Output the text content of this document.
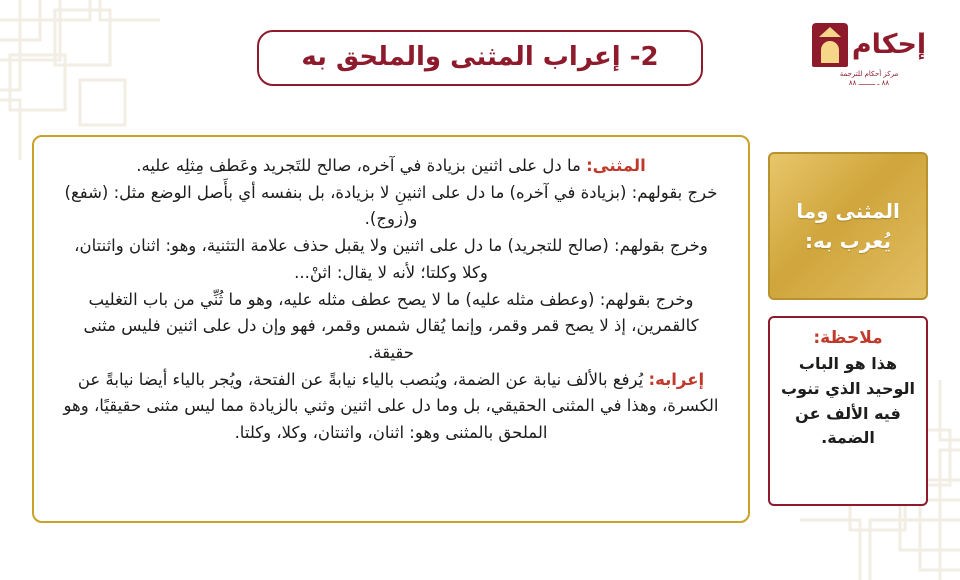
إحكام
مركز أحكام للترجمة
٨٨ ـ ــــــــ ٨٨
2- إعراب المثنى والملحق به

المثنى: ما دل على اثنين بزيادة في آخره، صالح للتَجريد وعَطف مِثلِه عليه.

خرج بقولهم: (بزيادة في آخره) ما دل على اثنينِ لا بزيادة، بل بنفسه أي بأَصل الوضع مثل: (شفع) و(زوج).

وخرج بقولهم: (صالح للتجريد) ما دل على اثنين ولا يقبل حذف علامة التثنية، وهو: اثنان واثنتان، وكلا وكلتا؛ لأنه لا يقال: اثنْ...

وخرج بقولهم: (وعطف مثله عليه) ما لا يصح عطف مثله عليه، وهو ما ثُنِّي من باب التغليب كالقمرين، إذ لا يصح قمر وقمر، وإنما يُقال شمس وقمر، فهو وإن دل على اثنين فليس مثنى حقيقة.

إعرابه: يُرفع بالألف نيابة عن الضمة، ويُنصب بالياء نيابةً عن الفتحة، ويُجر بالياء أيضا نيابةً عن الكسرة، وهذا في المثنى الحقيقي، بل وما دل على اثنين وثني بالزيادة مما ليس مثنى حقيقيًا، وهو الملحق بالمثنى وهو: اثنان، واثنتان، وكلا، وكلتا.

المثنى وما يُعرب به:
ملاحظة:
هذا هو الباب الوحيد الذي تنوب فيه الألف عن الضمة.
